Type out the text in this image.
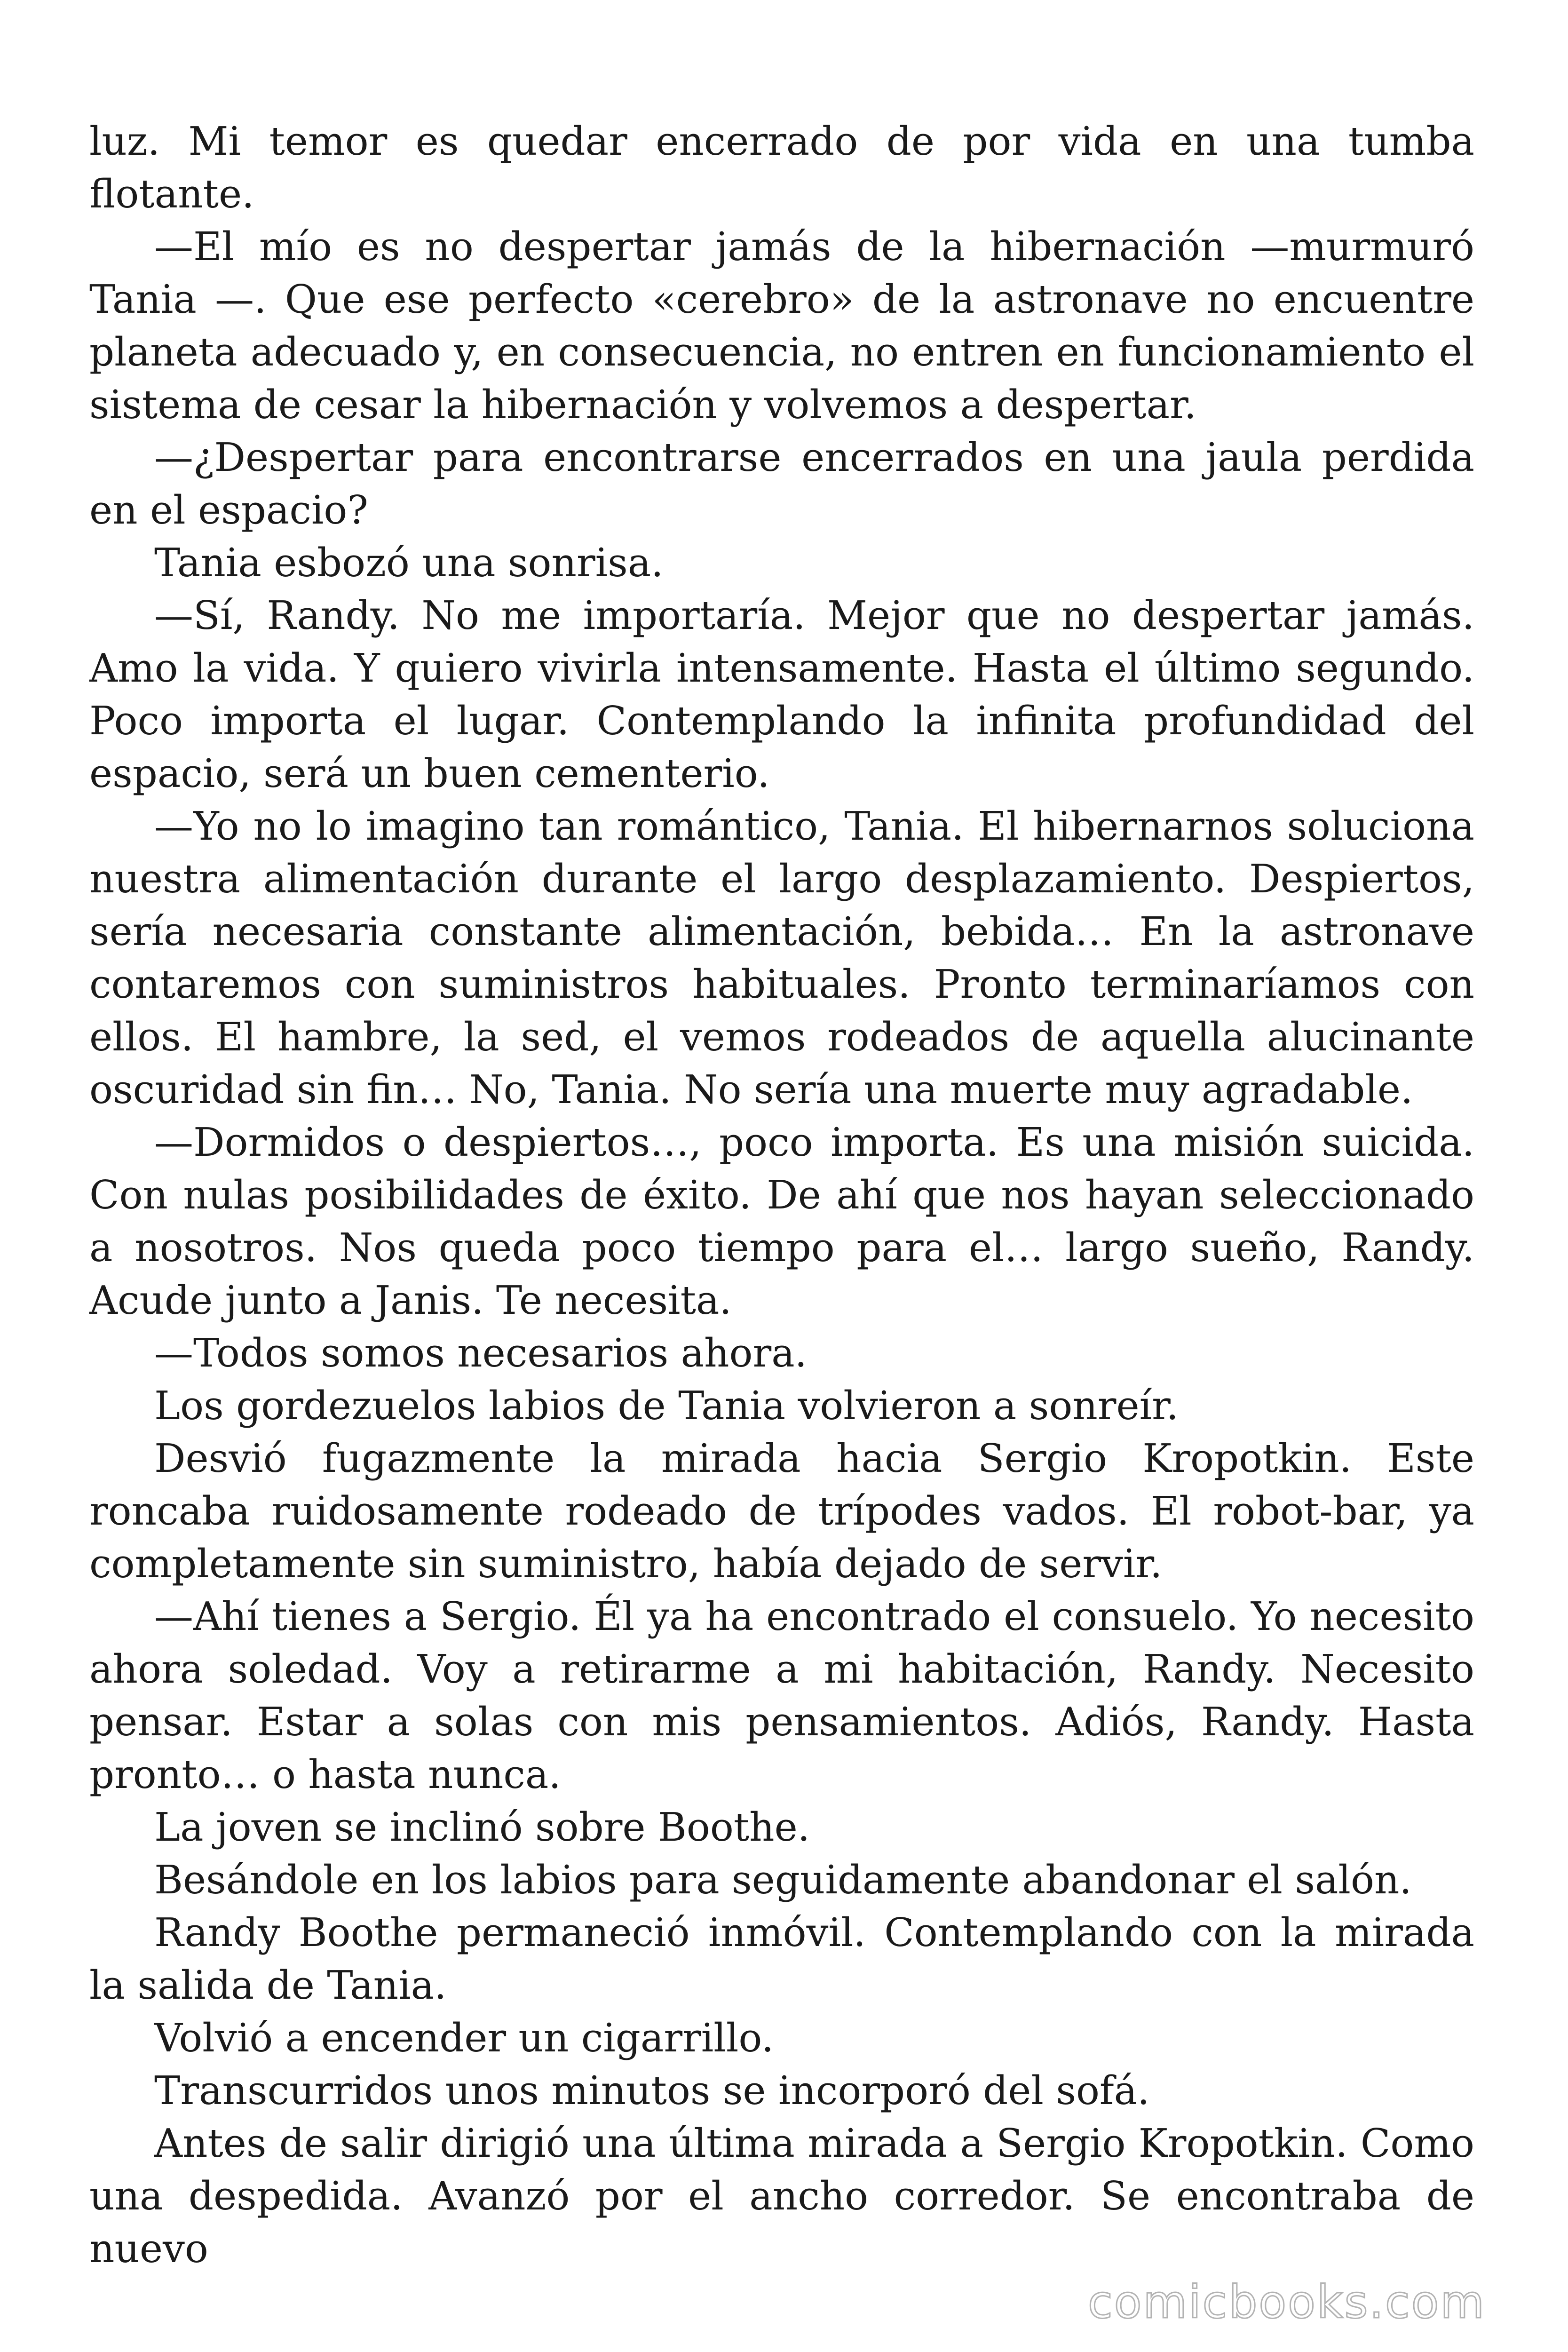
luz. Mi temor es quedar encerrado de por vida en una tumba flotante.

—El mío es no despertar jamás de la hibernación —murmuró Tania —. Que ese perfecto «cerebro» de la astronave no encuentre planeta adecuado y, en consecuencia, no entren en funcionamiento el sistema de cesar la hibernación y volvemos a despertar.

—¿Despertar para encontrarse encerrados en una jaula perdida en el espacio?

Tania esbozó una sonrisa.

—Sí, Randy. No me importaría. Mejor que no despertar jamás. Amo la vida. Y quiero vivirla intensamente. Hasta el último segundo. Poco importa el lugar. Contemplando la infinita profundidad del espacio, será un buen cementerio.

—Yo no lo imagino tan romántico, Tania. El hibernarnos soluciona nuestra alimentación durante el largo desplazamiento. Despiertos, sería necesaria constante alimentación, bebida… En la astronave contaremos con suministros habituales. Pronto terminaríamos con ellos. El hambre, la sed, el vemos rodeados de aquella alucinante oscuridad sin fin… No, Tania. No sería una muerte muy agradable.

—Dormidos o despiertos…, poco importa. Es una misión suicida. Con nulas posibilidades de éxito. De ahí que nos hayan seleccionado a nosotros. Nos queda poco tiempo para el… largo sueño, Randy. Acude junto a Janis. Te necesita.

—Todos somos necesarios ahora.

Los gordezuelos labios de Tania volvieron a sonreír.

Desvió fugazmente la mirada hacia Sergio Kropotkin. Este roncaba ruidosamente rodeado de trípodes vados. El robot-bar, ya completamente sin suministro, había dejado de servir.

—Ahí tienes a Sergio. Él ya ha encontrado el consuelo. Yo necesito ahora soledad. Voy a retirarme a mi habitación, Randy. Necesito pensar. Estar a solas con mis pensamientos. Adiós, Randy. Hasta pronto… o hasta nunca.

La joven se inclinó sobre Boothe.

Besándole en los labios para seguidamente abandonar el salón.

Randy Boothe permaneció inmóvil. Contemplando con la mirada la salida de Tania.

Volvió a encender un cigarrillo.

Transcurridos unos minutos se incorporó del sofá.

Antes de salir dirigió una última mirada a Sergio Kropotkin. Como una despedida. Avanzó por el ancho corredor. Se encontraba de nuevo

comicbooks.com
